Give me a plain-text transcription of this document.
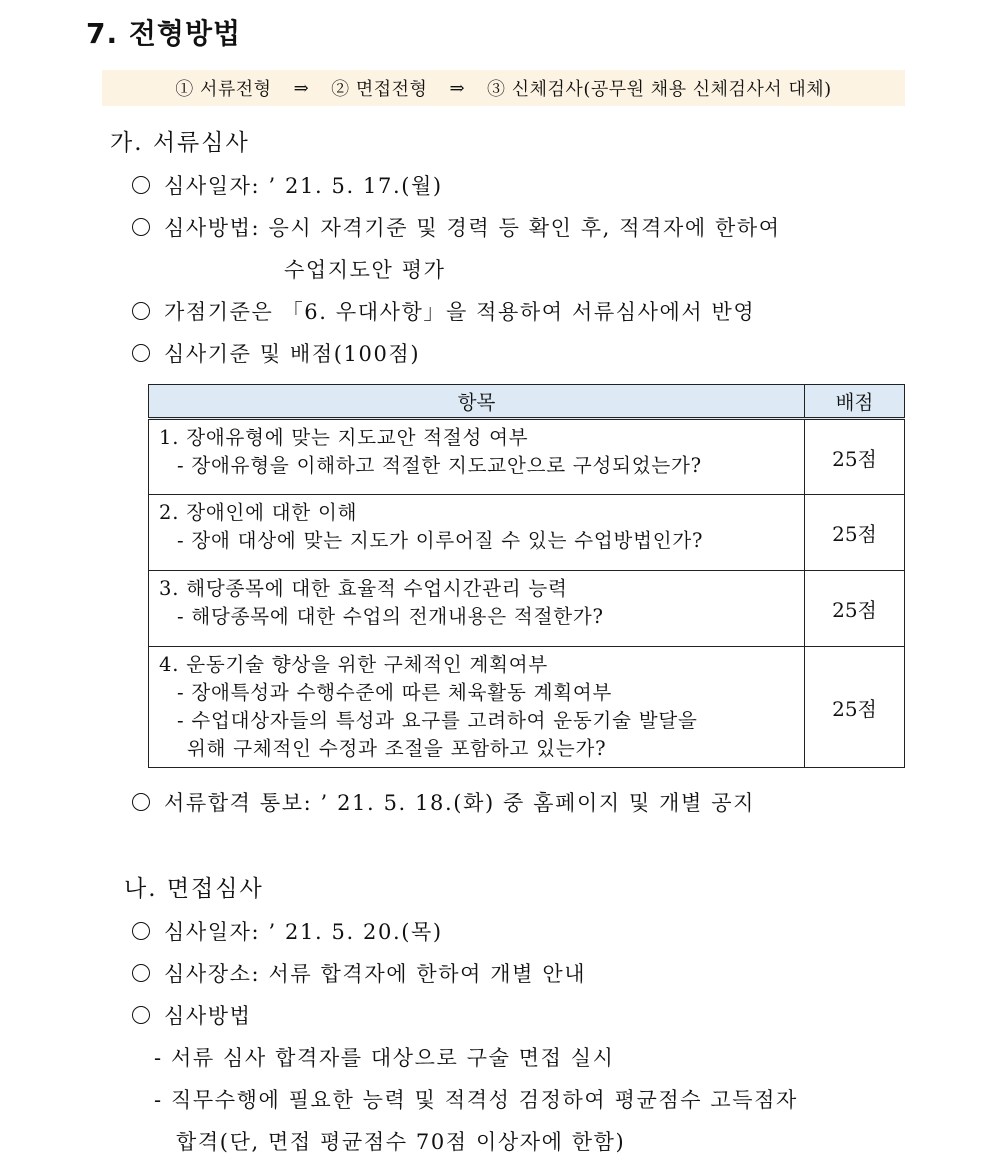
7. 전형방법
① 서류전형 ⇒ ② 면접전형 ⇒ ③ 신체검사(공무원 채용 신체검사서 대체)
가. 서류심사
심사일자: ’ 21. 5. 17.(월)
심사방법: 응시 자격기준 및 경력 등 확인 후, 적격자에 한하여
수업지도안 평가
가점기준은 「6. 우대사항」을 적용하여 서류심사에서 반영
심사기준 및 배점(100점)
항목	배점

1. 장애유형에 맞는 지도교안 적절성 여부
- 장애유형을 이해하고 적절한 지도교안으로 구성되었는가?	25점

2. 장애인에 대한 이해
- 장애 대상에 맞는 지도가 이루어질 수 있는 수업방법인가?	25점

3. 해당종목에 대한 효율적 수업시간관리 능력
- 해당종목에 대한 수업의 전개내용은 적절한가?	25점

4. 운동기술 향상을 위한 구체적인 계획여부
- 장애특성과 수행수준에 따른 체육활동 계획여부
- 수업대상자들의 특성과 요구를 고려하여 운동기술 발달을
위해 구체적인 수정과 조절을 포함하고 있는가?	25점
서류합격 통보: ’ 21. 5. 18.(화) 중 홈페이지 및 개별 공지
나. 면접심사
심사일자: ’ 21. 5. 20.(목)
심사장소: 서류 합격자에 한하여 개별 안내
심사방법
- 서류 심사 합격자를 대상으로 구술 면접 실시
- 직무수행에 필요한 능력 및 적격성 검정하여 평균점수 고득점자
합격(단, 면접 평균점수 70점 이상자에 한함)
